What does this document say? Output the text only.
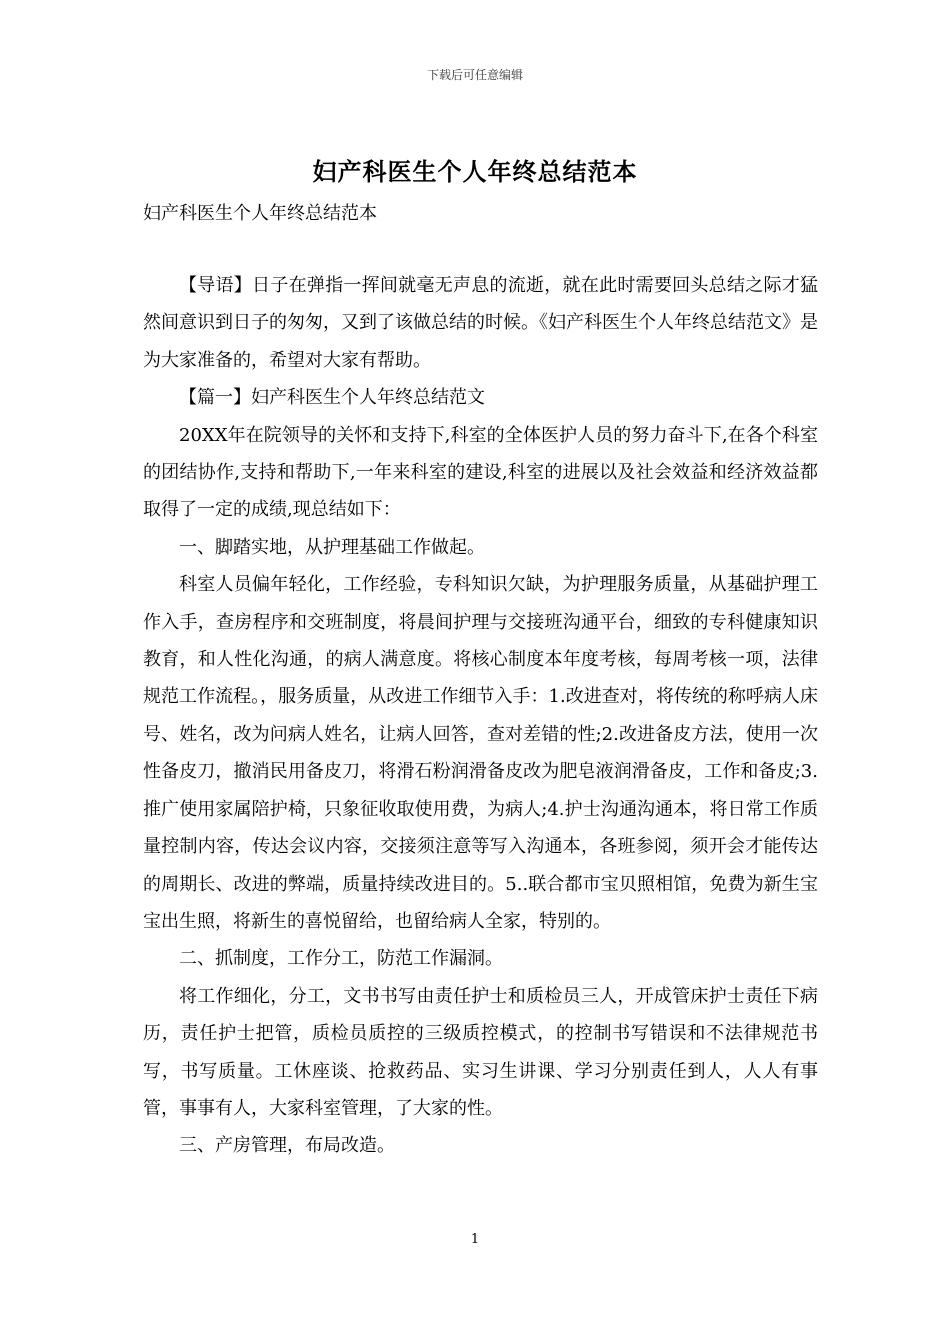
下载后可任意编辑
妇产科医生个人年终总结范本
妇产科医生个人年终总结范本

【导语】日子在弹指一挥间就毫无声息的流逝，就在此时需要回头总结之际才猛然间意识到日子的匆匆，又到了该做总结的时候。《妇产科医生个人年终总结范文》是为大家准备的，希望对大家有帮助。

【篇一】妇产科医生个人年终总结范文

20XX年在院领导的关怀和支持下,科室的全体医护人员的努力奋斗下,在各个科室的团结协作,支持和帮助下,一年来科室的建设,科室的进展以及社会效益和经济效益都取得了一定的成绩,现总结如下：

一、脚踏实地，从护理基础工作做起。

科室人员偏年轻化，工作经验，专科知识欠缺，为护理服务质量，从基础护理工作入手，查房程序和交班制度，将晨间护理与交接班沟通平台，细致的专科健康知识教育，和人性化沟通，的病人满意度。将核心制度本年度考核，每周考核一项，法律规范工作流程。，服务质量，从改进工作细节入手：1.改进查对，将传统的称呼病人床号、姓名，改为问病人姓名，让病人回答，查对差错的性;2.改进备皮方法，使用一次性备皮刀，撤消民用备皮刀，将滑石粉润滑备皮改为肥皂液润滑备皮，工作和备皮;3.推广使用家属陪护椅，只象征收取使用费，为病人;4.护士沟通沟通本，将日常工作质量控制内容，传达会议内容，交接须注意等写入沟通本，各班参阅，须开会才能传达的周期长、改进的弊端，质量持续改进目的。5..联合都市宝贝照相馆，免费为新生宝宝出生照，将新生的喜悦留给，也留给病人全家，特别的。

二、抓制度，工作分工，防范工作漏洞。

将工作细化，分工，文书书写由责任护士和质检员三人，开成管床护士责任下病历，责任护士把管，质检员质控的三级质控模式，的控制书写错误和不法律规范书写，书写质量。工休座谈、抢救药品、实习生讲课、学习分别责任到人，人人有事管，事事有人，大家科室管理，了大家的性。

三、产房管理，布局改造。

1
